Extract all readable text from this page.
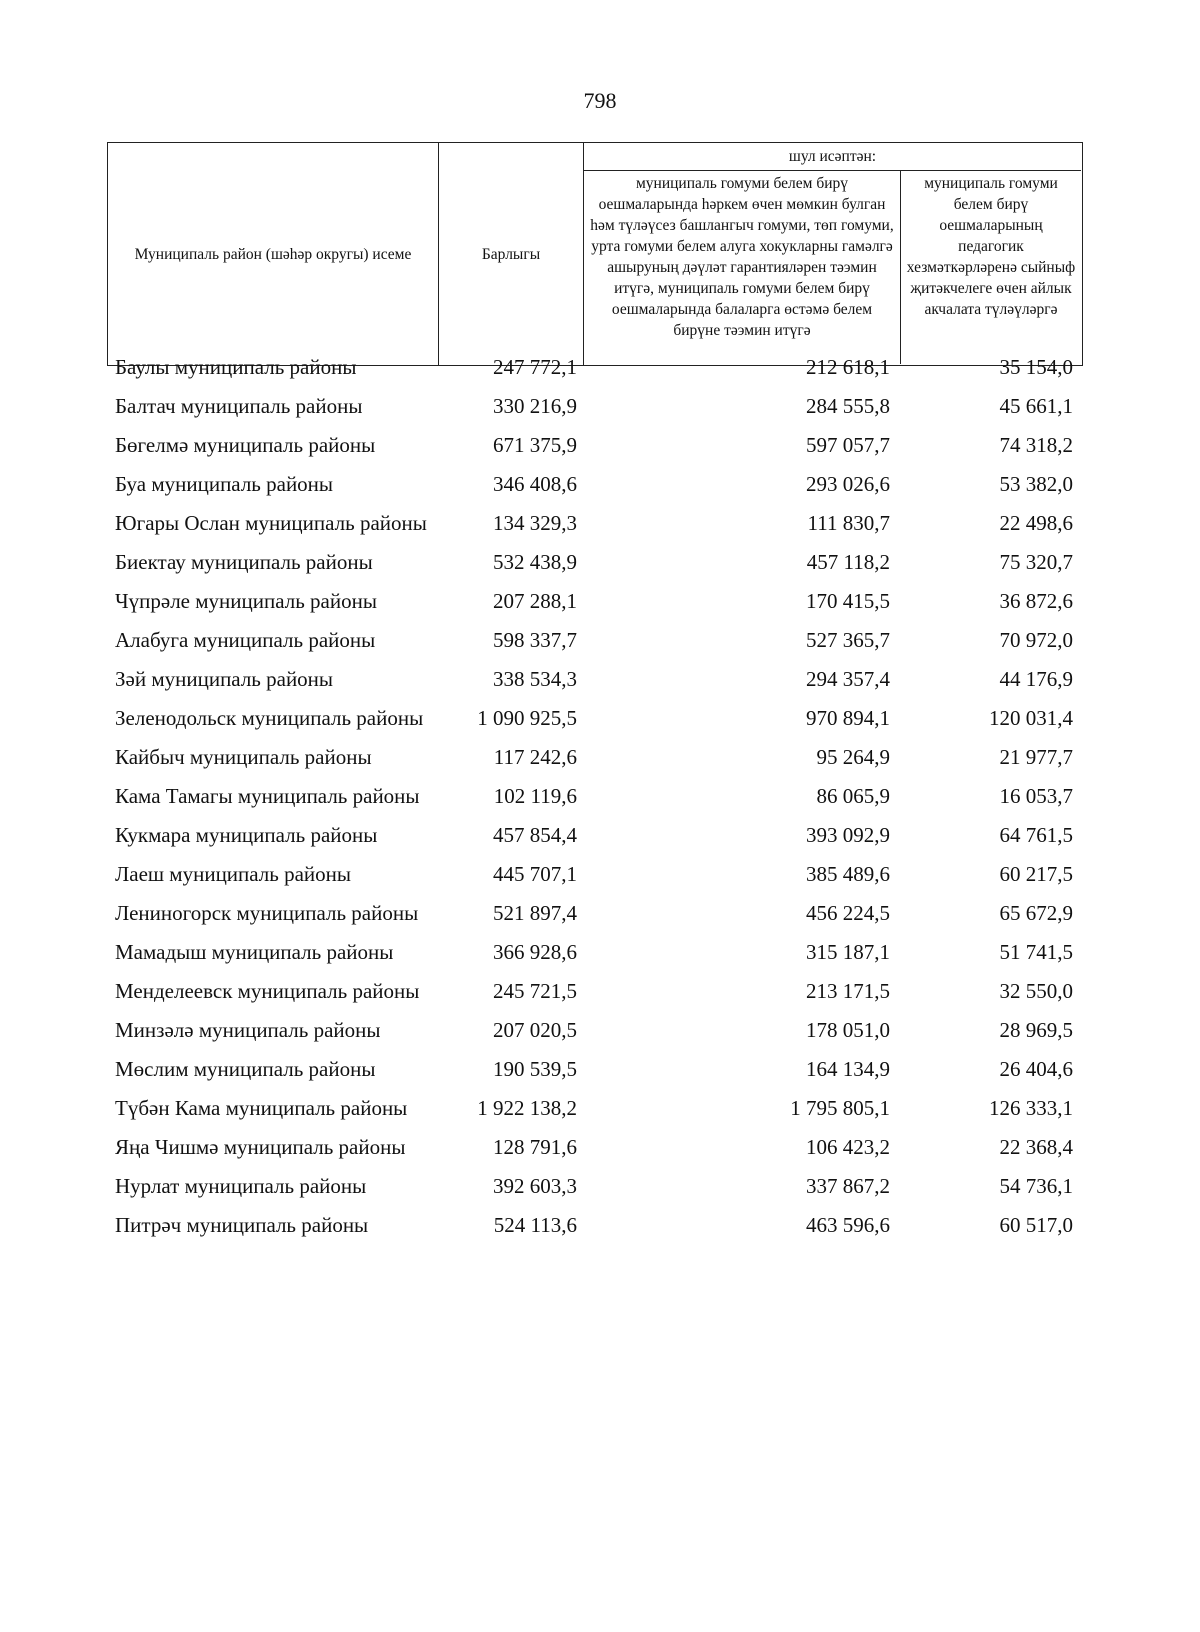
798
Муниципаль район (шәһәр округы) исеме	Барлыгы
шул исәптән:
муниципаль гомуми белем бирү оешмаларында һәркем өчен мөмкин булган һәм түләүсез башлангыч гомуми, төп гомуми, урта гомуми белем алуга хокукларны гамәлгә ашыруның дәүләт гарантияләрен тәэмин итүгә, муниципаль гомуми белем бирү оешмаларында балаларга өстәмә белем бирүне тәэмин итүгә
муниципаль гомуми белем бирү оешмаларының педагогик хезмәткәрләренә сыйныф җитәкчелеге өчен айлык акчалата түләүләргә
Баулы муниципаль районы	247 772,1	212 618,1	35 154,0
Балтач муниципаль районы	330 216,9	284 555,8	45 661,1
Бөгелмә муниципаль районы	671 375,9	597 057,7	74 318,2
Буа муниципаль районы	346 408,6	293 026,6	53 382,0
Югары Ослан муниципаль районы	134 329,3	111 830,7	22 498,6
Биектау муниципаль районы	532 438,9	457 118,2	75 320,7
Чүпрәле муниципаль районы	207 288,1	170 415,5	36 872,6
Алабуга муниципаль районы	598 337,7	527 365,7	70 972,0
Зәй муниципаль районы	338 534,3	294 357,4	44 176,9
Зеленодольск муниципаль районы	1 090 925,5	970 894,1	120 031,4
Кайбыч муниципаль районы	117 242,6	95 264,9	21 977,7
Кама Тамагы муниципаль районы	102 119,6	86 065,9	16 053,7
Кукмара муниципаль районы	457 854,4	393 092,9	64 761,5
Лаеш муниципаль районы	445 707,1	385 489,6	60 217,5
Лениногорск муниципаль районы	521 897,4	456 224,5	65 672,9
Мамадыш муниципаль районы	366 928,6	315 187,1	51 741,5
Менделеевск муниципаль районы	245 721,5	213 171,5	32 550,0
Минзәлә муниципаль районы	207 020,5	178 051,0	28 969,5
Мөслим муниципаль районы	190 539,5	164 134,9	26 404,6
Түбән Кама муниципаль районы	1 922 138,2	1 795 805,1	126 333,1
Яңа Чишмә муниципаль районы	128 791,6	106 423,2	22 368,4
Нурлат муниципаль районы	392 603,3	337 867,2	54 736,1
Питрәч муниципаль районы	524 113,6	463 596,6	60 517,0
